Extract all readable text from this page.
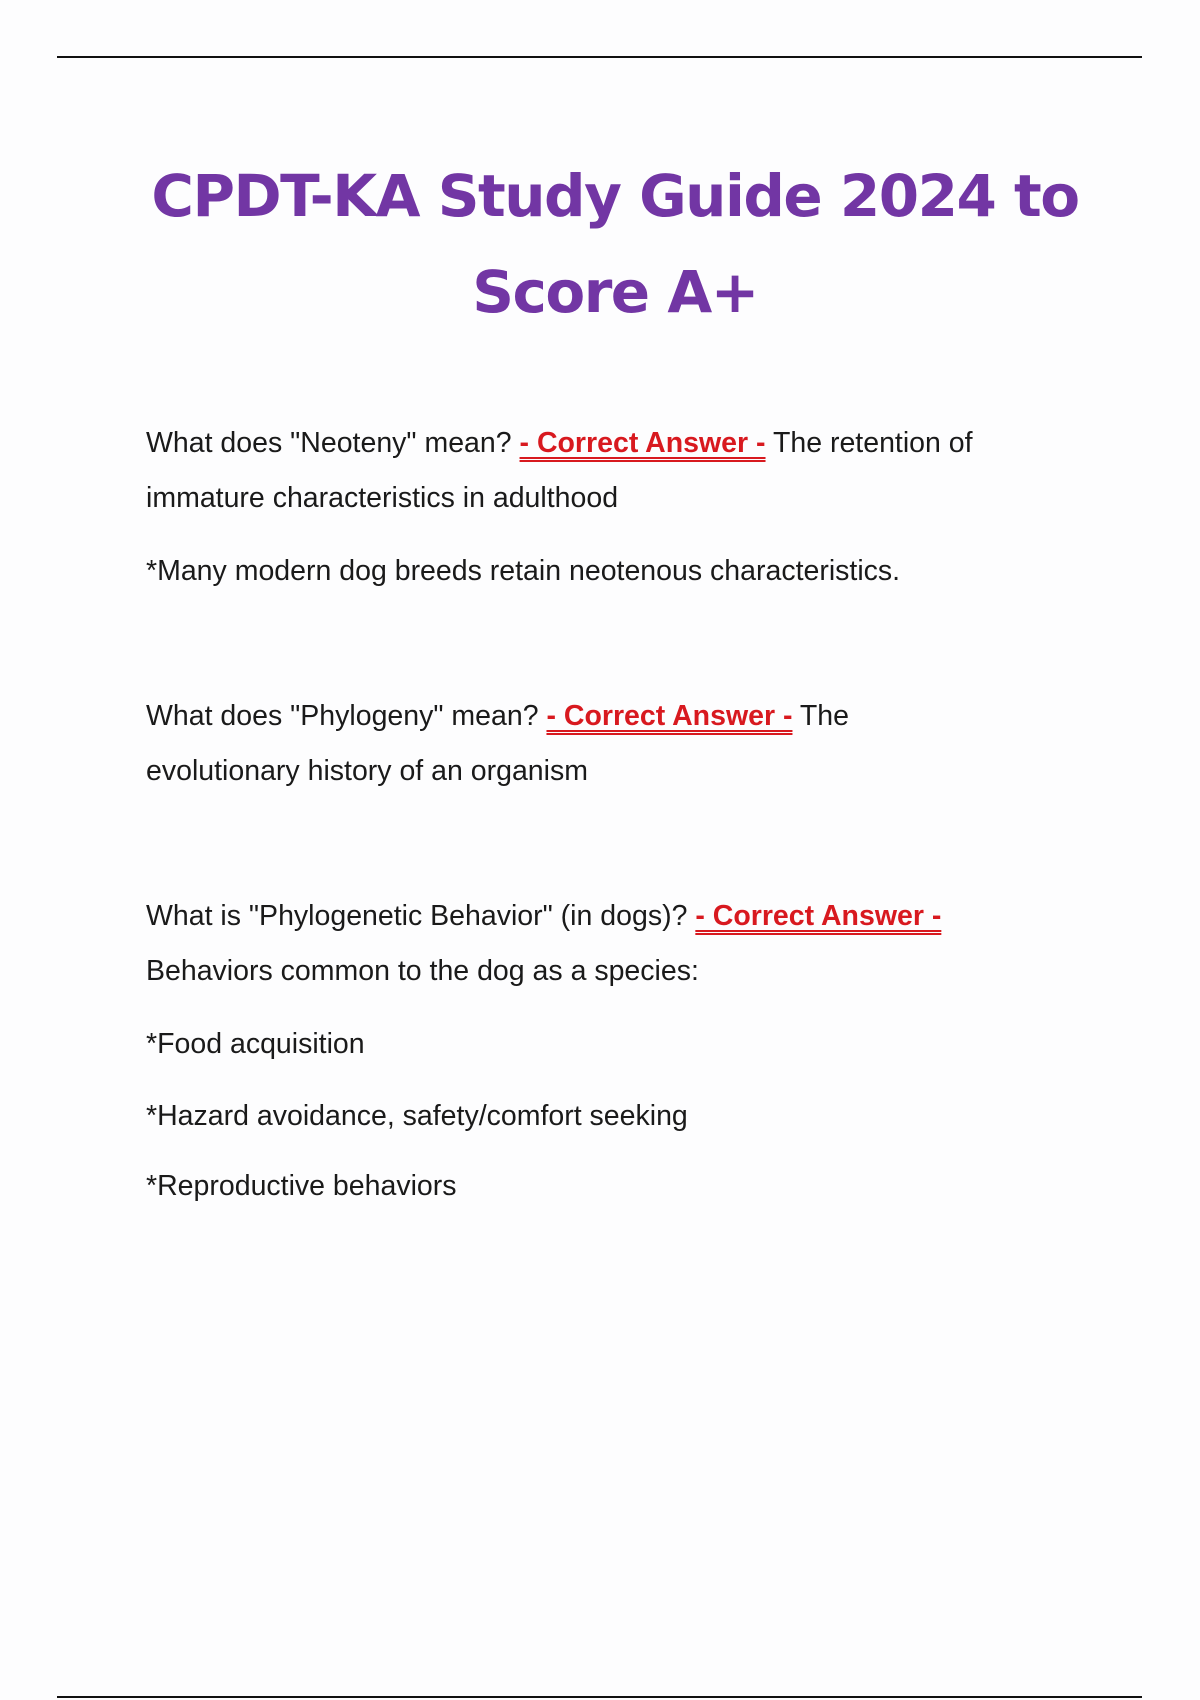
CPDT-KA Study Guide 2024 to
Score A+

What does "Neoteny" mean? - Correct Answer - The retention of

immature characteristics in adulthood

*Many modern dog breeds retain neotenous characteristics.

What does "Phylogeny" mean? - Correct Answer - The

evolutionary history of an organism

What is "Phylogenetic Behavior" (in dogs)? - Correct Answer -

Behaviors common to the dog as a species:

*Food acquisition

*Hazard avoidance, safety/comfort seeking

*Reproductive behaviors
